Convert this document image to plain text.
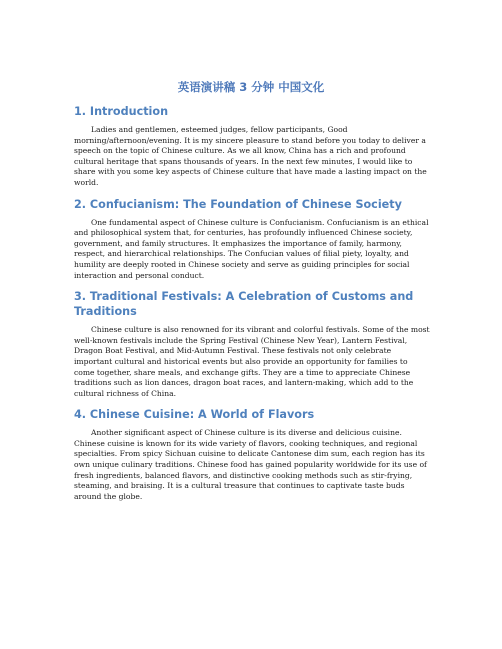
英语演讲稿 3 分钟 中国文化
1. Introduction

Ladies and gentlemen, esteemed judges, fellow participants, Good morning/afternoon/evening. It is my sincere pleasure to stand before you today to deliver a speech on the topic of Chinese culture. As we all know, China has a rich and profound cultural heritage that spans thousands of years. In the next few minutes, I would like to share with you some key aspects of Chinese culture that have made a lasting impact on the world.

2. Confucianism: The Foundation of Chinese Society

One fundamental aspect of Chinese culture is Confucianism. Confucianism is an ethical and philosophical system that, for centuries, has profoundly influenced Chinese society, government, and family structures. It emphasizes the importance of family, harmony, respect, and hierarchical relationships. The Confucian values of filial piety, loyalty, and humility are deeply rooted in Chinese society and serve as guiding principles for social interaction and personal conduct.

3. Traditional Festivals: A Celebration of Customs and Traditions

Chinese culture is also renowned for its vibrant and colorful festivals. Some of the most well-known festivals include the Spring Festival (Chinese New Year), Lantern Festival, Dragon Boat Festival, and Mid-Autumn Festival. These festivals not only celebrate important cultural and historical events but also provide an opportunity for families to come together, share meals, and exchange gifts. They are a time to appreciate Chinese traditions such as lion dances, dragon boat races, and lantern-making, which add to the cultural richness of China.

4. Chinese Cuisine: A World of Flavors

Another significant aspect of Chinese culture is its diverse and delicious cuisine. Chinese cuisine is known for its wide variety of flavors, cooking techniques, and regional specialties. From spicy Sichuan cuisine to delicate Cantonese dim sum, each region has its own unique culinary traditions. Chinese food has gained popularity worldwide for its use of fresh ingredients, balanced flavors, and distinctive cooking methods such as stir-frying, steaming, and braising. It is a cultural treasure that continues to captivate taste buds around the globe.
